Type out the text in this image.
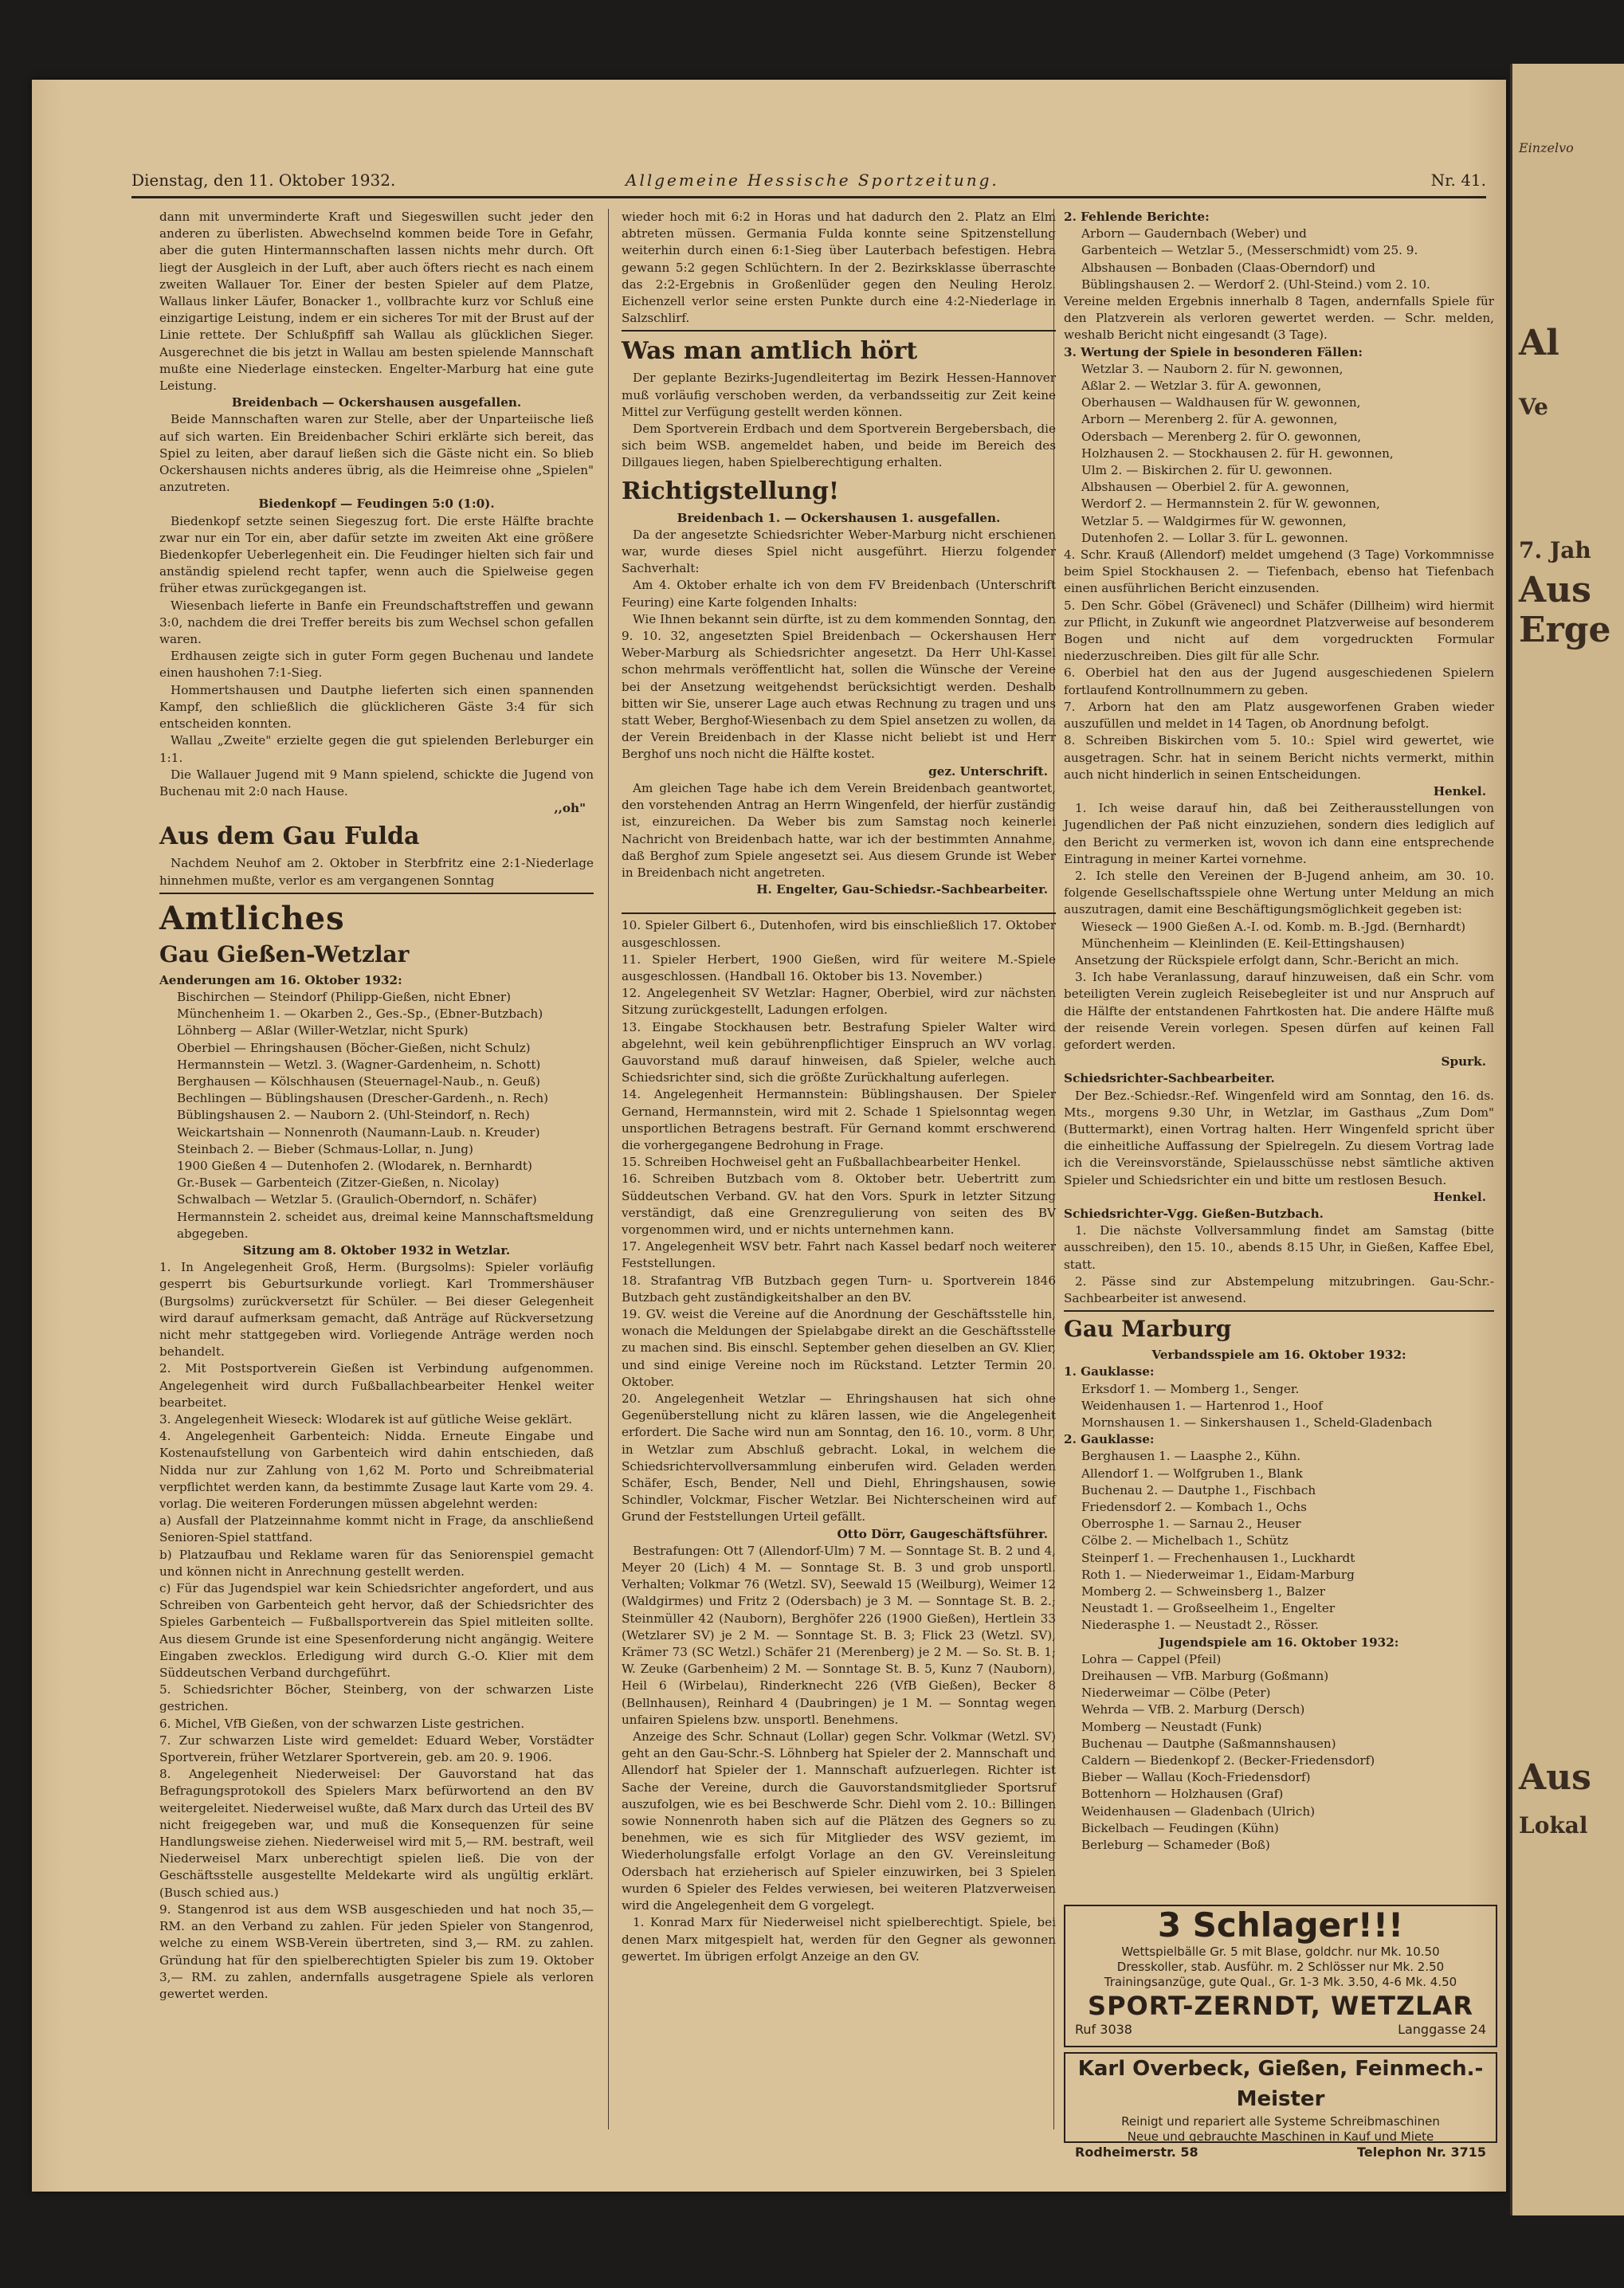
Einzelvo
Al
Ve
7. Jah
Aus
Erge
Aus
Lokal
Dienstag, den 11. Oktober 1932.	Allgemeine Hessische Sportzeitung.	Nr. 41.

dann mit unverminderte Kraft und Siegeswillen sucht jeder den anderen zu überlisten. Abwechselnd kommen beide Tore in Gefahr, aber die guten Hintermannschaften lassen nichts mehr durch. Oft liegt der Ausgleich in der Luft, aber auch öfters riecht es nach einem zweiten Wallauer Tor. Einer der besten Spieler auf dem Platze, Wallaus linker Läufer, Bonacker 1., vollbrachte kurz vor Schluß eine einzigartige Leistung, indem er ein sicheres Tor mit der Brust auf der Linie rettete. Der Schlußpfiff sah Wallau als glücklichen Sieger. Ausgerechnet die bis jetzt in Wallau am besten spielende Mannschaft mußte eine Niederlage einstecken. Engelter-Marburg hat eine gute Leistung.

Breidenbach — Ockershausen ausgefallen.

Beide Mannschaften waren zur Stelle, aber der Unparteiische ließ auf sich warten. Ein Breidenbacher Schiri erklärte sich bereit, das Spiel zu leiten, aber darauf ließen sich die Gäste nicht ein. So blieb Ockershausen nichts anderes übrig, als die Heimreise ohne „Spielen" anzutreten.

Biedenkopf — Feudingen 5:0 (1:0).

Biedenkopf setzte seinen Siegeszug fort. Die erste Hälfte brachte zwar nur ein Tor ein, aber dafür setzte im zweiten Akt eine größere Biedenkopfer Ueberlegenheit ein. Die Feudinger hielten sich fair und anständig spielend recht tapfer, wenn auch die Spielweise gegen früher etwas zurückgegangen ist.

Wiesenbach lieferte in Banfe ein Freundschaftstreffen und gewann 3:0, nachdem die drei Treffer bereits bis zum Wechsel schon gefallen waren.

Erdhausen zeigte sich in guter Form gegen Buchenau und landete einen haushohen 7:1-Sieg.

Hommertshausen und Dautphe lieferten sich einen spannenden Kampf, den schließlich die glücklicheren Gäste 3:4 für sich entscheiden konnten.

Wallau „Zweite" erzielte gegen die gut spielenden Berleburger ein 1:1.

Die Wallauer Jugend mit 9 Mann spielend, schickte die Jugend von Buchenau mit 2:0 nach Hause.

,,oh"

Aus dem Gau Fulda

Nachdem Neuhof am 2. Oktober in Sterbfritz eine 2:1-Niederlage hinnehmen mußte, verlor es am vergangenen Sonntag

Amtliches
Gau Gießen-Wetzlar

Aenderungen am 16. Oktober 1932:

Bischirchen — Steindorf (Philipp-Gießen, nicht Ebner)

Münchenheim 1. — Okarben 2., Ges.-Sp., (Ebner-Butzbach)

Löhnberg — Aßlar (Willer-Wetzlar, nicht Spurk)

Oberbiel — Ehringshausen (Böcher-Gießen, nicht Schulz)

Hermannstein — Wetzl. 3. (Wagner-Gardenheim, n. Schott)

Berghausen — Kölschhausen (Steuernagel-Naub., n. Geuß)

Bechlingen — Büblingshausen (Drescher-Gardenh., n. Rech)

Büblingshausen 2. — Nauborn 2. (Uhl-Steindorf, n. Rech)

Weickartshain — Nonnenroth (Naumann-Laub. n. Kreuder)

Steinbach 2. — Bieber (Schmaus-Lollar, n. Jung)

1900 Gießen 4 — Dutenhofen 2. (Wlodarek, n. Bernhardt)

Gr.-Busek — Garbenteich (Zitzer-Gießen, n. Nicolay)

Schwalbach — Wetzlar 5. (Graulich-Oberndorf, n. Schäfer)

Hermannstein 2. scheidet aus, dreimal keine Mannschaftsmeldung abgegeben.

Sitzung am 8. Oktober 1932 in Wetzlar.

1. In Angelegenheit Groß, Herm. (Burgsolms): Spieler vorläufig gesperrt bis Geburtsurkunde vorliegt. Karl Trommershäuser (Burgsolms) zurückversetzt für Schüler. — Bei dieser Gelegenheit wird darauf aufmerksam gemacht, daß Anträge auf Rückversetzung nicht mehr stattgegeben wird. Vorliegende Anträge werden noch behandelt.

2. Mit Postsportverein Gießen ist Verbindung aufgenommen. Angelegenheit wird durch Fußballachbearbeiter Henkel weiter bearbeitet.

3. Angelegenheit Wieseck: Wlodarek ist auf gütliche Weise geklärt.

4. Angelegenheit Garbenteich: Nidda. Erneute Eingabe und Kostenaufstellung von Garbenteich wird dahin entschieden, daß Nidda nur zur Zahlung von 1,62 M. Porto und Schreibmaterial verpflichtet werden kann, da bestimmte Zusage laut Karte vom 29. 4. vorlag. Die weiteren Forderungen müssen abgelehnt werden:

a) Ausfall der Platzeinnahme kommt nicht in Frage, da anschließend Senioren-Spiel stattfand.

b) Platzaufbau und Reklame waren für das Seniorenspiel gemacht und können nicht in Anrechnung gestellt werden.

c) Für das Jugendspiel war kein Schiedsrichter angefordert, und aus Schreiben von Garbenteich geht hervor, daß der Schiedsrichter des Spieles Garbenteich — Fußballsportverein das Spiel mitleiten sollte. Aus diesem Grunde ist eine Spesenforderung nicht angängig. Weitere Eingaben zwecklos. Erledigung wird durch G.-O. Klier mit dem Süddeutschen Verband durchgeführt.

5. Schiedsrichter Böcher, Steinberg, von der schwarzen Liste gestrichen.

6. Michel, VfB Gießen, von der schwarzen Liste gestrichen.

7. Zur schwarzen Liste wird gemeldet: Eduard Weber, Vorstädter Sportverein, früher Wetzlarer Sportverein, geb. am 20. 9. 1906.

8. Angelegenheit Niederweisel: Der Gauvorstand hat das Befragungsprotokoll des Spielers Marx befürwortend an den BV weitergeleitet. Niederweisel wußte, daß Marx durch das Urteil des BV nicht freigegeben war, und muß die Konsequenzen für seine Handlungsweise ziehen. Niederweisel wird mit 5,— RM. bestraft, weil Niederweisel Marx unberechtigt spielen ließ. Die von der Geschäftsstelle ausgestellte Meldekarte wird als ungültig erklärt. (Busch schied aus.)

9. Stangenrod ist aus dem WSB ausgeschieden und hat noch 35,— RM. an den Verband zu zahlen. Für jeden Spieler von Stangenrod, welche zu einem WSB-Verein übertreten, sind 3,— RM. zu zahlen. Gründung hat für den spielberechtigten Spieler bis zum 19. Oktober 3,— RM. zu zahlen, andernfalls ausgetragene Spiele als verloren gewertet werden.

wieder hoch mit 6:2 in Horas und hat dadurch den 2. Platz an Elm abtreten müssen. Germania Fulda konnte seine Spitzenstellung weiterhin durch einen 6:1-Sieg über Lauterbach befestigen. Hebra gewann 5:2 gegen Schlüchtern. In der 2. Bezirksklasse überraschte das 2:2-Ergebnis in Großenlüder gegen den Neuling Herolz. Eichenzell verlor seine ersten Punkte durch eine 4:2-Niederlage in Salzschlirf.

Was man amtlich hört

Der geplante Bezirks-Jugendleitertag im Bezirk Hessen-Hannover muß vorläufig verschoben werden, da verbandsseitig zur Zeit keine Mittel zur Verfügung gestellt werden können.

Dem Sportverein Erdbach und dem Sportverein Bergebersbach, die sich beim WSB. angemeldet haben, und beide im Bereich des Dillgaues liegen, haben Spielberechtigung erhalten.

Richtigstellung!

Breidenbach 1. — Ockershausen 1. ausgefallen.

Da der angesetzte Schiedsrichter Weber-Marburg nicht erschienen war, wurde dieses Spiel nicht ausgeführt. Hierzu folgender Sachverhalt:

Am 4. Oktober erhalte ich von dem FV Breidenbach (Unterschrift Feuring) eine Karte folgenden Inhalts:

Wie Ihnen bekannt sein dürfte, ist zu dem kommenden Sonntag, den 9. 10. 32, angesetzten Spiel Breidenbach — Ockershausen Herr Weber-Marburg als Schiedsrichter angesetzt. Da Herr Uhl-Kassel schon mehrmals veröffentlicht hat, sollen die Wünsche der Vereine bei der Ansetzung weitgehendst berücksichtigt werden. Deshalb bitten wir Sie, unserer Lage auch etwas Rechnung zu tragen und uns statt Weber, Berghof-Wiesenbach zu dem Spiel ansetzen zu wollen, da der Verein Breidenbach in der Klasse nicht beliebt ist und Herr Berghof uns noch nicht die Hälfte kostet.

gez. Unterschrift.

Am gleichen Tage habe ich dem Verein Breidenbach geantwortet, den vorstehenden Antrag an Herrn Wingenfeld, der hierfür zuständig ist, einzureichen. Da Weber bis zum Samstag noch keinerlei Nachricht von Breidenbach hatte, war ich der bestimmten Annahme, daß Berghof zum Spiele angesetzt sei. Aus diesem Grunde ist Weber in Breidenbach nicht angetreten.

H. Engelter, Gau-Schiedsr.-Sachbearbeiter.

10. Spieler Gilbert 6., Dutenhofen, wird bis einschließlich 17. Oktober ausgeschlossen.

11. Spieler Herbert, 1900 Gießen, wird für weitere M.-Spiele ausgeschlossen. (Handball 16. Oktober bis 13. November.)

12. Angelegenheit SV Wetzlar: Hagner, Oberbiel, wird zur nächsten Sitzung zurückgestellt, Ladungen erfolgen.

13. Eingabe Stockhausen betr. Bestrafung Spieler Walter wird abgelehnt, weil kein gebührenpflichtiger Einspruch an WV vorlag. Gauvorstand muß darauf hinweisen, daß Spieler, welche auch Schiedsrichter sind, sich die größte Zurückhaltung auferlegen.

14. Angelegenheit Hermannstein: Büblingshausen. Der Spieler Gernand, Hermannstein, wird mit 2. Schade 1 Spielsonntag wegen unsportlichen Betragens bestraft. Für Gernand kommt erschwerend die vorhergegangene Bedrohung in Frage.

15. Schreiben Hochweisel geht an Fußballachbearbeiter Henkel.

16. Schreiben Butzbach vom 8. Oktober betr. Uebertritt zum Süddeutschen Verband. GV. hat den Vors. Spurk in letzter Sitzung verständigt, daß eine Grenzregulierung von seiten des BV vorgenommen wird, und er nichts unternehmen kann.

17. Angelegenheit WSV betr. Fahrt nach Kassel bedarf noch weiterer Feststellungen.

18. Strafantrag VfB Butzbach gegen Turn- u. Sportverein 1846 Butzbach geht zuständigkeitshalber an den BV.

19. GV. weist die Vereine auf die Anordnung der Geschäftsstelle hin, wonach die Meldungen der Spielabgabe direkt an die Geschäftsstelle zu machen sind. Bis einschl. September gehen dieselben an GV. Klier, und sind einige Vereine noch im Rückstand. Letzter Termin 20. Oktober.

20. Angelegenheit Wetzlar — Ehringshausen hat sich ohne Gegenüberstellung nicht zu klären lassen, wie die Angelegenheit erfordert. Die Sache wird nun am Sonntag, den 16. 10., vorm. 8 Uhr, in Wetzlar zum Abschluß gebracht. Lokal, in welchem die Schiedsrichtervollversammlung einberufen wird. Geladen werden Schäfer, Esch, Bender, Nell und Diehl, Ehringshausen, sowie Schindler, Volckmar, Fischer Wetzlar. Bei Nichterscheinen wird auf Grund der Feststellungen Urteil gefällt.

Otto Dörr, Gaugeschäftsführer.

Bestrafungen: Ott 7 (Allendorf-Ulm) 7 M. — Sonntage St. B. 2 und 4, Meyer 20 (Lich) 4 M. — Sonntage St. B. 3 und grob unsportl. Verhalten; Volkmar 76 (Wetzl. SV), Seewald 15 (Weilburg), Weimer 12 (Waldgirmes) und Fritz 2 (Odersbach) je 3 M. — Sonntage St. B. 2.; Steinmüller 42 (Nauborn), Berghöfer 226 (1900 Gießen), Hertlein 33 (Wetzlarer SV) je 2 M. — Sonntage St. B. 3; Flick 23 (Wetzl. SV), Krämer 73 (SC Wetzl.) Schäfer 21 (Merenberg) je 2 M. — So. St. B. 1; W. Zeuke (Garbenheim) 2 M. — Sonntage St. B. 5, Kunz 7 (Nauborn), Heil 6 (Wirbelau), Rinderknecht 226 (VfB Gießen), Becker 8 (Bellnhausen), Reinhard 4 (Daubringen) je 1 M. — Sonntag wegen unfairen Spielens bzw. unsportl. Benehmens.

Anzeige des Schr. Schnaut (Lollar) gegen Schr. Volkmar (Wetzl. SV) geht an den Gau-Schr.-S. Löhnberg hat Spieler der 2. Mannschaft und Allendorf hat Spieler der 1. Mannschaft aufzuerlegen. Richter ist Sache der Vereine, durch die Gauvorstandsmitglieder Sportsruf auszufolgen, wie es bei Beschwerde Schr. Diehl vom 2. 10.: Billingen sowie Nonnenroth haben sich auf die Plätzen des Gegners so zu benehmen, wie es sich für Mitglieder des WSV geziemt, im Wiederholungsfalle erfolgt Vorlage an den GV. Vereinsleitung Odersbach hat erzieherisch auf Spieler einzuwirken, bei 3 Spielen wurden 6 Spieler des Feldes verwiesen, bei weiteren Platzverweisen wird die Angelegenheit dem G vorgelegt.

1. Konrad Marx für Niederweisel nicht spielberechtigt. Spiele, bei denen Marx mitgespielt hat, werden für den Gegner als gewonnen gewertet. Im übrigen erfolgt Anzeige an den GV.

2. Fehlende Berichte:

Arborn — Gaudernbach (Weber) und

Garbenteich — Wetzlar 5., (Messerschmidt) vom 25. 9.

Albshausen — Bonbaden (Claas-Oberndorf) und

Büblingshausen 2. — Werdorf 2. (Uhl-Steind.) vom 2. 10.

Vereine melden Ergebnis innerhalb 8 Tagen, andernfalls Spiele für den Platzverein als verloren gewertet werden. — Schr. melden, weshalb Bericht nicht eingesandt (3 Tage).

3. Wertung der Spiele in besonderen Fällen:

Wetzlar 3. — Nauborn 2. für N. gewonnen,

Aßlar 2. — Wetzlar 3. für A. gewonnen,

Oberhausen — Waldhausen für W. gewonnen,

Arborn — Merenberg 2. für A. gewonnen,

Odersbach — Merenberg 2. für O. gewonnen,

Holzhausen 2. — Stockhausen 2. für H. gewonnen,

Ulm 2. — Biskirchen 2. für U. gewonnen.

Albshausen — Oberbiel 2. für A. gewonnen,

Werdorf 2. — Hermannstein 2. für W. gewonnen,

Wetzlar 5. — Waldgirmes für W. gewonnen,

Dutenhofen 2. — Lollar 3. für L. gewonnen.

4. Schr. Krauß (Allendorf) meldet umgehend (3 Tage) Vorkommnisse beim Spiel Stockhausen 2. — Tiefenbach, ebenso hat Tiefenbach einen ausführlichen Bericht einzusenden.

5. Den Schr. Göbel (Grävenecl) und Schäfer (Dillheim) wird hiermit zur Pflicht, in Zukunft wie angeordnet Platzverweise auf besonderem Bogen und nicht auf dem vorgedruckten Formular niederzuschreiben. Dies gilt für alle Schr.

6. Oberbiel hat den aus der Jugend ausgeschiedenen Spielern fortlaufend Kontrollnummern zu geben.

7. Arborn hat den am Platz ausgeworfenen Graben wieder auszufüllen und meldet in 14 Tagen, ob Anordnung befolgt.

8. Schreiben Biskirchen vom 5. 10.: Spiel wird gewertet, wie ausgetragen. Schr. hat in seinem Bericht nichts vermerkt, mithin auch nicht hinderlich in seinen Entscheidungen.

Henkel.

1. Ich weise darauf hin, daß bei Zeitherausstellungen von Jugendlichen der Paß nicht einzuziehen, sondern dies lediglich auf den Bericht zu vermerken ist, wovon ich dann eine entsprechende Eintragung in meiner Kartei vornehme.

2. Ich stelle den Vereinen der B-Jugend anheim, am 30. 10. folgende Gesellschaftsspiele ohne Wertung unter Meldung an mich auszutragen, damit eine Beschäftigungsmöglichkeit gegeben ist:

Wieseck — 1900 Gießen A.-I. od. Komb. m. B.-Jgd. (Bernhardt)

Münchenheim — Kleinlinden (E. Keil-Ettingshausen)

Ansetzung der Rückspiele erfolgt dann, Schr.-Bericht an mich.

3. Ich habe Veranlassung, darauf hinzuweisen, daß ein Schr. vom beteiligten Verein zugleich Reisebegleiter ist und nur Anspruch auf die Hälfte der entstandenen Fahrtkosten hat. Die andere Hälfte muß der reisende Verein vorlegen. Spesen dürfen auf keinen Fall gefordert werden.

Spurk.

Schiedsrichter-Sachbearbeiter.

Der Bez.-Schiedsr.-Ref. Wingenfeld wird am Sonntag, den 16. ds. Mts., morgens 9.30 Uhr, in Wetzlar, im Gasthaus „Zum Dom" (Buttermarkt), einen Vortrag halten. Herr Wingenfeld spricht über die einheitliche Auffassung der Spielregeln. Zu diesem Vortrag lade ich die Vereinsvorstände, Spielausschüsse nebst sämtliche aktiven Spieler und Schiedsrichter ein und bitte um restlosen Besuch.

Henkel.

Schiedsrichter-Vgg. Gießen-Butzbach.

1. Die nächste Vollversammlung findet am Samstag (bitte ausschreiben), den 15. 10., abends 8.15 Uhr, in Gießen, Kaffee Ebel, statt.

2. Pässe sind zur Abstempelung mitzubringen. Gau-Schr.-Sachbearbeiter ist anwesend.

Gau Marburg

Verbandsspiele am 16. Oktober 1932:

1. Gauklasse:

Erksdorf 1. — Momberg 1., Senger.

Weidenhausen 1. — Hartenrod 1., Hoof

Mornshausen 1. — Sinkershausen 1., Scheld-Gladenbach

2. Gauklasse:

Berghausen 1. — Laasphe 2., Kühn.

Allendorf 1. — Wolfgruben 1., Blank

Buchenau 2. — Dautphe 1., Fischbach

Friedensdorf 2. — Kombach 1., Ochs

Oberrosphe 1. — Sarnau 2., Heuser

Cölbe 2. — Michelbach 1., Schütz

Steinperf 1. — Frechenhausen 1., Luckhardt

Roth 1. — Niederweimar 1., Eidam-Marburg

Momberg 2. — Schweinsberg 1., Balzer

Neustadt 1. — Großseelheim 1., Engelter

Niederasphe 1. — Neustadt 2., Rösser.

Jugendspiele am 16. Oktober 1932:

Lohra — Cappel (Pfeil)

Dreihausen — VfB. Marburg (Goßmann)

Niederweimar — Cölbe (Peter)

Wehrda — VfB. 2. Marburg (Dersch)

Momberg — Neustadt (Funk)

Buchenau — Dautphe (Saßmannshausen)

Caldern — Biedenkopf 2. (Becker-Friedensdorf)

Bieber — Wallau (Koch-Friedensdorf)

Bottenhorn — Holzhausen (Graf)

Weidenhausen — Gladenbach (Ulrich)

Bickelbach — Feudingen (Kühn)

Berleburg — Schameder (Boß)

3 Schlager!!!
Wettspielbälle Gr. 5 mit Blase, goldchr. nur Mk. 10.50
Dresskoller, stab. Ausführ. m. 2 Schlösser nur Mk. 2.50
Trainingsanzüge, gute Qual., Gr. 1-3 Mk. 3.50, 4-6 Mk. 4.50
SPORT-ZERNDT, WETZLAR
Ruf 3038	Langgasse 24
Karl Overbeck, Gießen, Feinmech.-Meister
Reinigt und repariert alle Systeme Schreibmaschinen
Neue und gebrauchte Maschinen in Kauf und Miete
Rodheimerstr. 58	Telephon Nr. 3715
